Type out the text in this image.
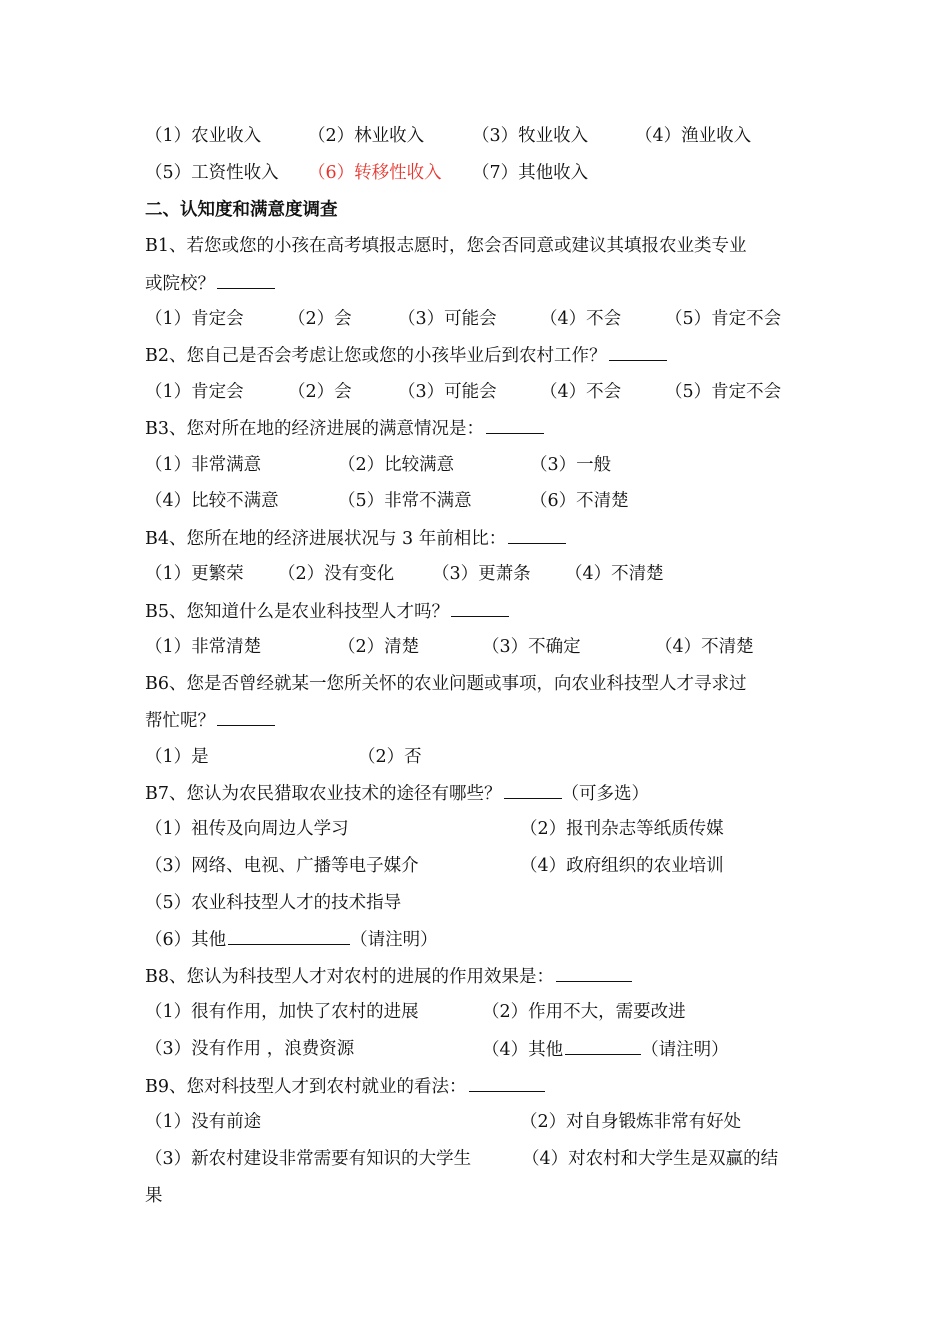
（1）农业收入	（2）林业收入	（3）牧业收入	（4）渔业收入
（5）工资性收入 （6）转移性收入 （7）其他收入
二、认知度和满意度调查
B1、若您或您的小孩在高考填报志愿时，您会否同意或建议其填报农业类专业
或院校？
（1）肯定会	（2）会	（3）可能会 （4）不会	（5）肯定不会
B2、您自己是否会考虑让您或您的小孩毕业后到农村工作？
（1）肯定会	（2）会	（3）可能会 （4）不会	（5）肯定不会
B3、您对所在地的经济进展的满意情况是：
（1）非常满意	（2）比较满意	（3）一般
（4）比较不满意	（5）非常不满意	（6）不清楚
B4、您所在地的经济进展状况与 3 年前相比：
（1）更繁荣 （2）没有变化 （3）更萧条 （4）不清楚
B5、您知道什么是农业科技型人才吗？
（1）非常清楚	（2）清楚	（3）不确定	（4）不清楚
B6、您是否曾经就某一您所关怀的农业问题或事项，向农业科技型人才寻求过
帮忙呢？
（1）是	（2）否
B7、您认为农民猎取农业技术的途径有哪些？	（可多选）
（1）祖传及向周边人学习	（2）报刊杂志等纸质传媒
（3）网络、电视、广播等电子媒介	（4）政府组织的农业培训
（5）农业科技型人才的技术指导
（6）其他	（请注明）
B8、您认为科技型人才对农村的进展的作用效果是：
（1）很有作用，加快了农村的进展	（2）作用不大，需要改进
（3）没有作用 ，浪费资源	（4）其他	（请注明）
B9、您对科技型人才到农村就业的看法：
（1）没有前途	（2）对自身锻炼非常有好处
（3）新农村建设非常需要有知识的大学生	（4）对农村和大学生是双赢的结
果
